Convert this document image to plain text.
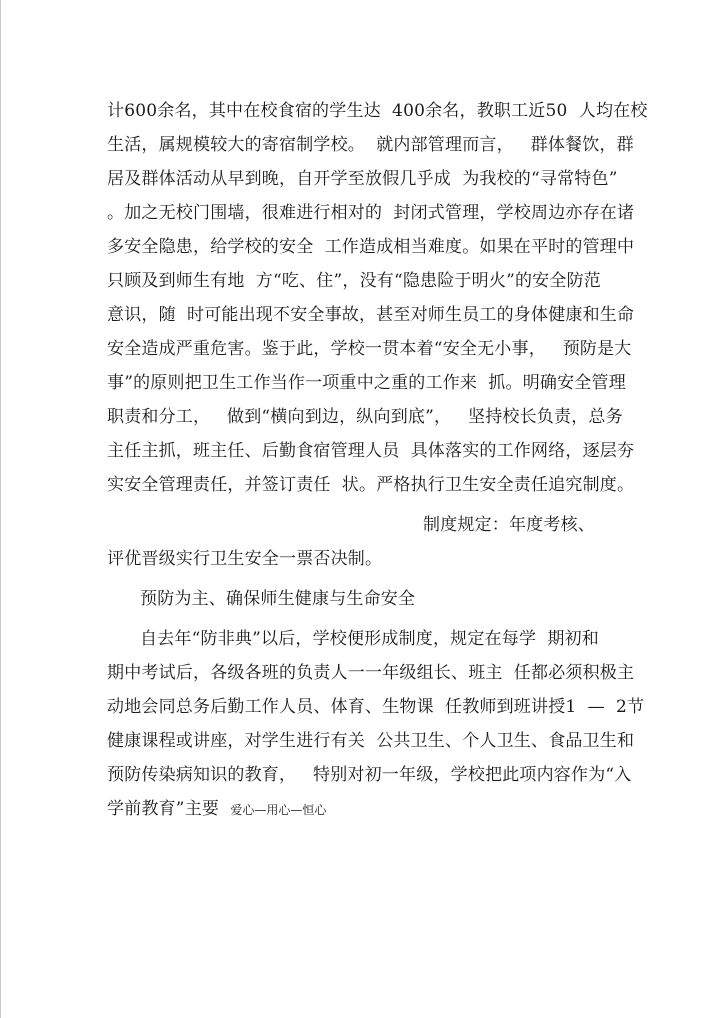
计600余名，其中在校食宿的学生达  400余名，教职工近50  人均在校
生活，属规模较大的寄宿制学校。  就内部管理而言，   群体餐饮，群
居及群体活动从早到晚，自开学至放假几乎成  为我校的“寻常特色”
。加之无校门围墙，很难进行相对的  封闭式管理，学校周边亦存在诸
多安全隐患，给学校的安全  工作造成相当难度。如果在平时的管理中
只顾及到师生有地  方“吃、住”，没有“隐患险于明火”的安全防范
意识，随  时可能出现不安全事故，甚至对师生员工的身体健康和生命
安全造成严重危害。鉴于此，学校一贯本着“安全无小事，   预防是大
事”的原则把卫生工作当作一项重中之重的工作来  抓。明确安全管理
职责和分工，   做到“横向到边，纵向到底”，   坚持校长负责，总务
主任主抓，班主任、后勤食宿管理人员  具体落实的工作网络，逐层夯
实安全管理责任，并签订责任  状。严格执行卫生安全责任追究制度。
制度规定：年度考核、
评优晋级实行卫生安全一票否决制。
预防为主、确保师生健康与生命安全
自去年“防非典”以后，学校便形成制度，规定在每学  期初和
期中考试后，各级各班的负责人一一年级组长、班主  任都必须积极主
动地会同总务后勤工作人员、体育、生物课  任教师到班讲授1  —  2节
健康课程或讲座，对学生进行有关  公共卫生、个人卫生、食品卫生和
预防传染病知识的教育，   特别对初一年级，学校把此项内容作为“入
学前教育”主要  爱心—用心—恒心
